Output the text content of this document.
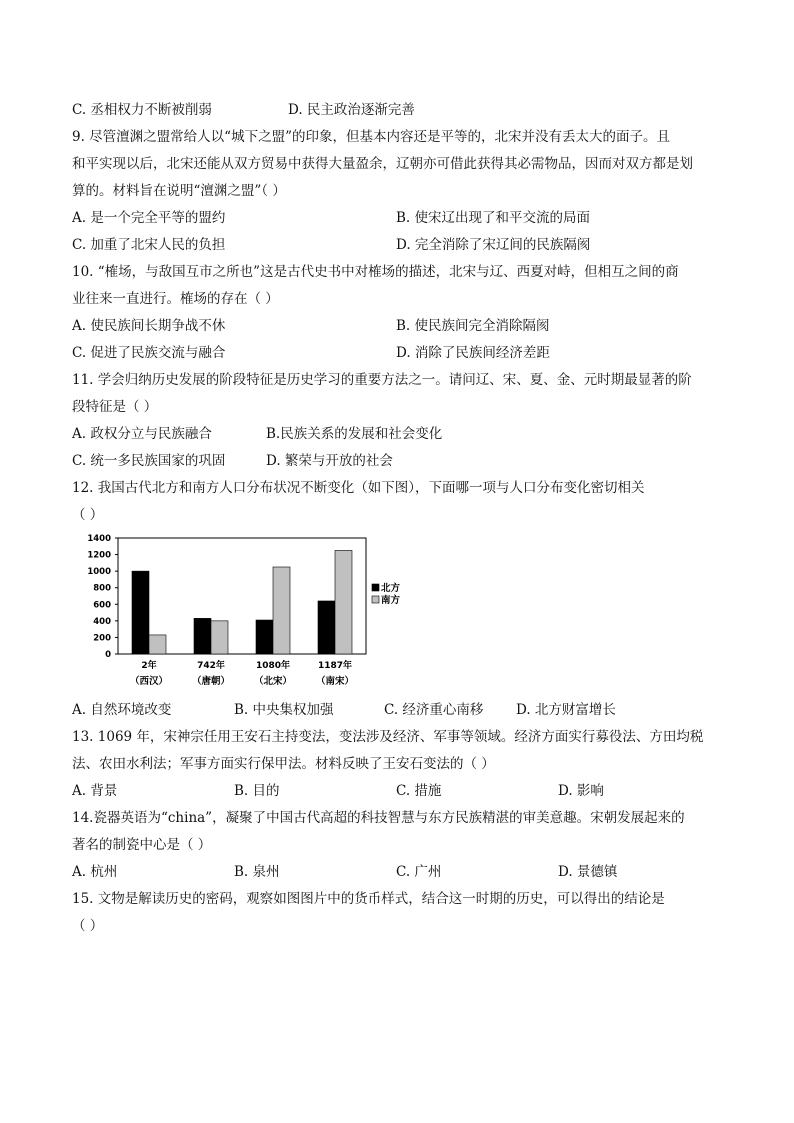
C. 丞相权力不断被削弱	D. 民主政治逐渐完善
9. 尽管澶渊之盟常给人以“城下之盟”的印象，但基本内容还是平等的，北宋并没有丢太大的面子。且
和平实现以后，北宋还能从双方贸易中获得大量盈余，辽朝亦可借此获得其必需物品，因而对双方都是划
算的。材料旨在说明“澶渊之盟”（ ）
A. 是一个完全平等的盟约	B. 使宋辽出现了和平交流的局面
C. 加重了北宋人民的负担	D. 完全消除了宋辽间的民族隔阂
10. “榷场，与敌国互市之所也”这是古代史书中对榷场的描述，北宋与辽、西夏对峙，但相互之间的商
业往来一直进行。榷场的存在（ ）
A. 使民族间长期争战不休	B. 使民族间完全消除隔阂
C. 促进了民族交流与融合	D. 消除了民族间经济差距
11. 学会归纳历史发展的阶段特征是历史学习的重要方法之一。请问辽、宋、夏、金、元时期最显著的阶
段特征是（ ）
A. 政权分立与民族融合	B.民族关系的发展和社会变化
C. 统一多民族国家的巩固	D. 繁荣与开放的社会
12. 我国古代北方和南方人口分布状况不断变化（如下图），下面哪一项与人口分布变化密切相关
（ ）
1400
1200
1000
800
600
400
200
0
2年
（西汉）
742年
（唐朝）
1080年
（北宋）
1187年
（南宋）
北方
南方
A. 自然环境改变	B. 中央集权加强	C. 经济重心南移 D. 北方财富增长
13. 1069 年，宋神宗任用王安石主持变法，变法涉及经济、军事等领域。经济方面实行募役法、方田均税
法、农田水利法；军事方面实行保甲法。材料反映了王安石变法的（ ）
A. 背景	B. 目的	C. 措施	D. 影响
14.瓷器英语为“china”，凝聚了中国古代高超的科技智慧与东方民族精湛的审美意趣。宋朝发展起来的
著名的制瓷中心是（ ）
A. 杭州	B. 泉州	C. 广州	D. 景德镇
15. 文物是解读历史的密码，观察如图图片中的货币样式，结合这一时期的历史，可以得出的结论是
（ ）
